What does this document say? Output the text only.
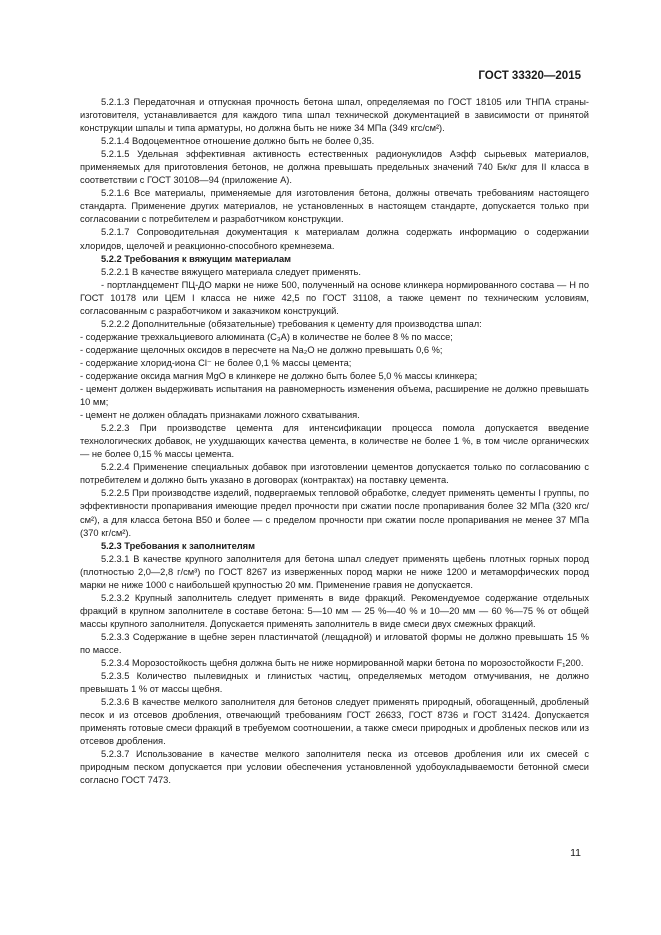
ГОСТ 33320—2015

5.2.1.3 Передаточная и отпускная прочность бетона шпал, определяемая по ГОСТ 18105 или ТНПА страны-изготовителя, устанавливается для каждого типа шпал технической документацией в зависимости от принятой конструкции шпалы и типа арматуры, но должна быть не ниже 34 МПа (349 кгс/см²).

5.2.1.4 Водоцементное отношение должно быть не более 0,35.

5.2.1.5 Удельная эффективная активность естественных радионуклидов Аэфф сырьевых материалов, применяемых для приготовления бетонов, не должна превышать предельных значений 740 Бк/кг для II класса в соответствии с ГОСТ 30108—94 (приложение А).

5.2.1.6 Все материалы, применяемые для изготовления бетона, должны отвечать требованиям настоящего стандарта. Применение других материалов, не установленных в настоящем стандарте, допускается только при согласовании с потребителем и разработчиком конструкции.

5.2.1.7 Сопроводительная документация к материалам должна содержать информацию о содержании хлоридов, щелочей и реакционно-способного кремнезема.

5.2.2 Требования к вяжущим материалам

5.2.2.1 В качестве вяжущего материала следует применять.

- портландцемент ПЦ-ДО марки не ниже 500, полученный на основе клинкера нормированного состава — Н по ГОСТ 10178 или ЦЕМ I класса не ниже 42,5 по ГОСТ 31108, а также цемент по техническим условиям, согласованным с разработчиком и заказчиком конструкций.

5.2.2.2 Дополнительные (обязательные) требования к цементу для производства шпал:

- содержание трехкальциевого алюмината (C₃A) в количестве не более 8 % по массе;

- содержание щелочных оксидов в пересчете на Na₂O не должно превышать 0,6 %;

- содержание хлорид-иона Cl⁻ не более 0,1 % массы цемента;

- содержание оксида магния MgO в клинкере не должно быть более 5,0 % массы клинкера;

- цемент должен выдерживать испытания на равномерность изменения объема, расширение не должно превышать 10 мм;

- цемент не должен обладать признаками ложного схватывания.

5.2.2.3 При производстве цемента для интенсификации процесса помола допускается введение технологических добавок, не ухудшающих качества цемента, в количестве не более 1 %, в том числе органических — не более 0,15 % массы цемента.

5.2.2.4 Применение специальных добавок при изготовлении цементов допускается только по согласованию с потребителем и должно быть указано в договорах (контрактах) на поставку цемента.

5.2.2.5 При производстве изделий, подвергаемых тепловой обработке, следует применять цементы I группы, по эффективности пропаривания имеющие предел прочности при сжатии после пропаривания более 32 МПа (320 кгс/см²), а для класса бетона B50 и более — с пределом прочности при сжатии после пропаривания не менее 37 МПа (370 кг/см²).

5.2.3 Требования к заполнителям

5.2.3.1 В качестве крупного заполнителя для бетона шпал следует применять щебень плотных горных пород (плотностью 2,0—2,8 г/см³) по ГОСТ 8267 из изверженных пород марки не ниже 1200 и метаморфических пород марки не ниже 1000 с наибольшей крупностью 20 мм. Применение гравия не допускается.

5.2.3.2 Крупный заполнитель следует применять в виде фракций. Рекомендуемое содержание отдельных фракций в крупном заполнителе в составе бетона: 5—10 мм — 25 %—40 % и 10—20 мм — 60 %—75 % от общей массы крупного заполнителя. Допускается применять заполнитель в виде смеси двух смежных фракций.

5.2.3.3 Содержание в щебне зерен пластинчатой (лещадной) и игловатой формы не должно превышать 15 % по массе.

5.2.3.4 Морозостойкость щебня должна быть не ниже нормированной марки бетона по морозостойкости F₁200.

5.2.3.5 Количество пылевидных и глинистых частиц, определяемых методом отмучивания, не должно превышать 1 % от массы щебня.

5.2.3.6 В качестве мелкого заполнителя для бетонов следует применять природный, обогащенный, дробленый песок и из отсевов дробления, отвечающий требованиям ГОСТ 26633, ГОСТ 8736 и ГОСТ 31424. Допускается применять готовые смеси фракций в требуемом соотношении, а также смеси природных и дробленых песков или из отсевов дробления.

5.2.3.7 Использование в качестве мелкого заполнителя песка из отсевов дробления или их смесей с природным песком допускается при условии обеспечения установленной удобоукладываемости бетонной смеси согласно ГОСТ 7473.

11
